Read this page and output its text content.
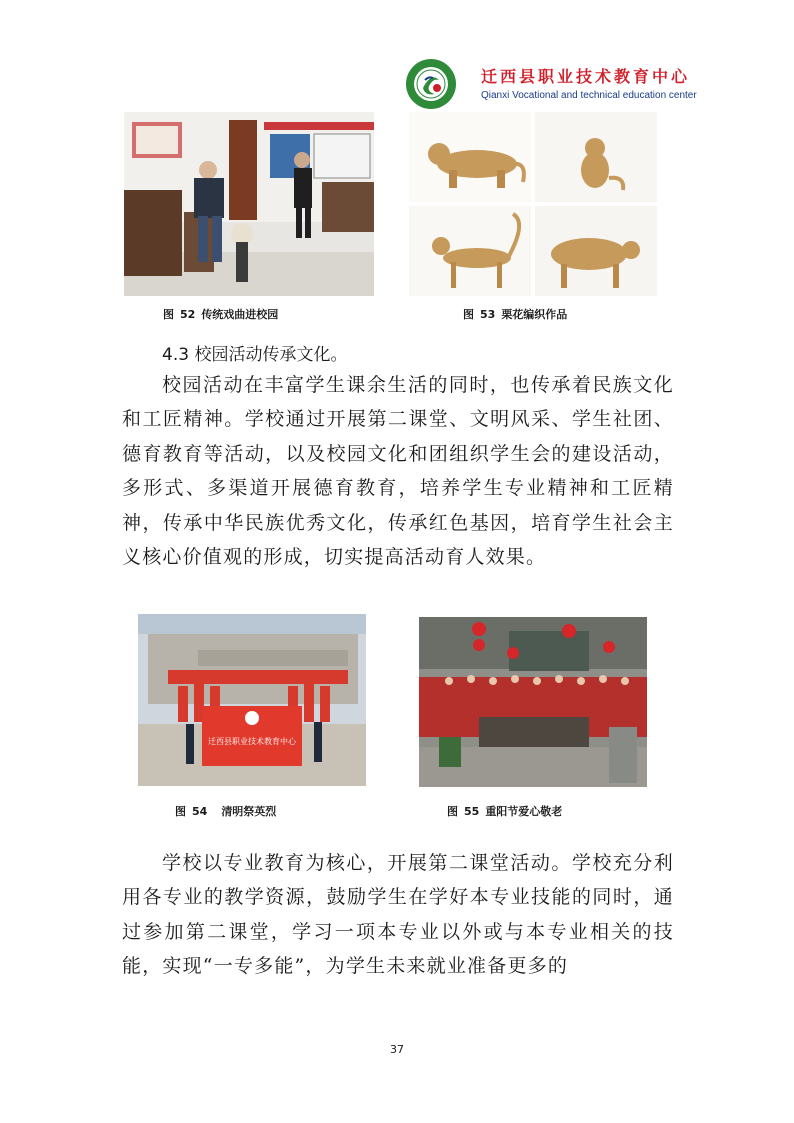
迁西县职业技术教育中心
Qianxi Vocational and technical education center
图 52 传统戏曲进校园	图 53 栗花编织作品
4.3 校园活动传承文化。

校园活动在丰富学生课余生活的同时，也传承着民族文化和工匠精神。学校通过开展第二课堂、文明风采、学生社团、德育教育等活动，以及校园文化和团组织学生会的建设活动，多形式、多渠道开展德育教育，培养学生专业精神和工匠精神，传承中华民族优秀文化，传承红色基因，培育学生社会主义核心价值观的形成，切实提高活动育人效果。

迁西县职业技术教育中心
图 54 清明祭英烈	图 55 重阳节爱心敬老

学校以专业教育为核心，开展第二课堂活动。学校充分利用各专业的教学资源，鼓励学生在学好本专业技能的同时，通过参加第二课堂，学习一项本专业以外或与本专业相关的技能，实现“一专多能”，为学生未来就业准备更多的

37
